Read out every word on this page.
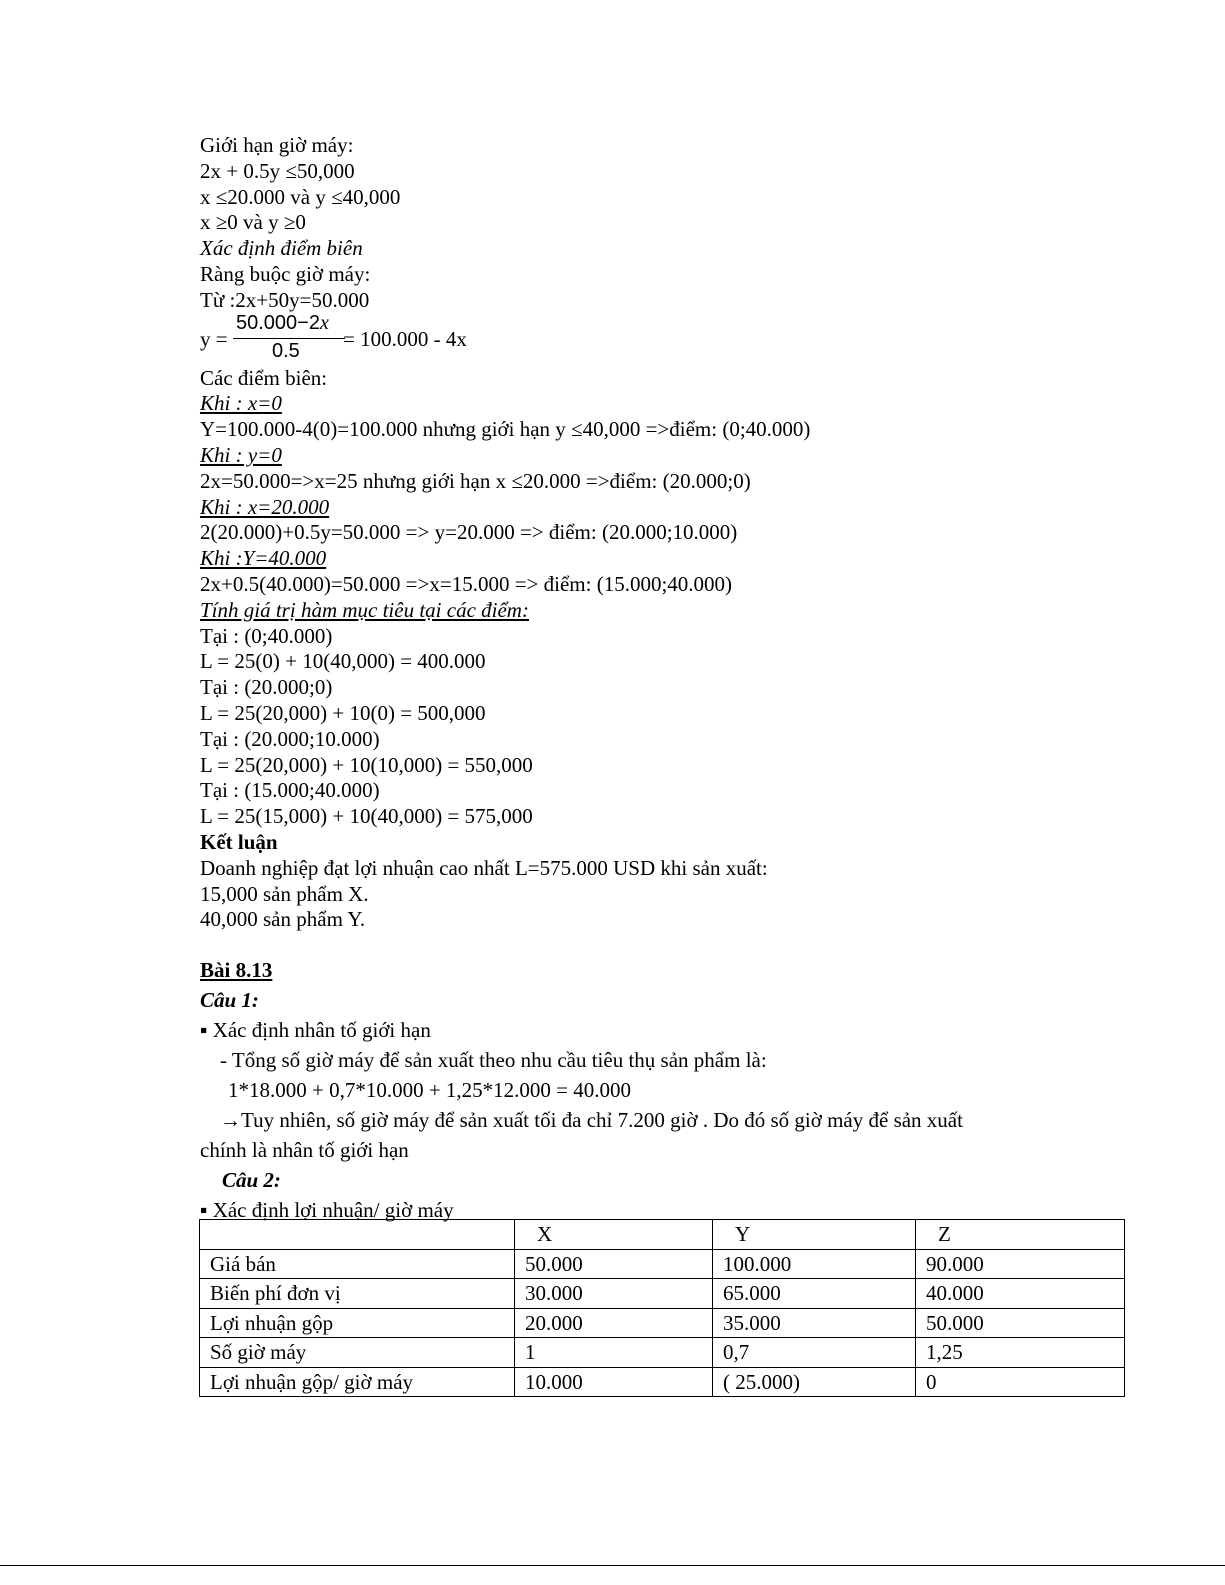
Giới hạn giờ máy:
2x + 0.5y ≤50,000
x ≤20.000 và y ≤40,000
x ≥0 và y ≥0
Xác định điểm biên
Ràng buộc giờ máy:
Từ :2x+50y=50.000
y =
50.000−2x
0.5 = 100.000 - 4x
Các điểm biên:
Khi : x=0
Y=100.000-4(0)=100.000 nhưng giới hạn y ≤40,000 =>điểm: (0;40.000)
Khi : y=0
2x=50.000=>x=25 nhưng giới hạn x ≤20.000 =>điểm: (20.000;0)
Khi : x=20.000
2(20.000)+0.5y=50.000 => y=20.000 => điểm: (20.000;10.000)
Khi :Y=40.000
2x+0.5(40.000)=50.000 =>x=15.000 => điểm: (15.000;40.000)
Tính giá trị hàm mục tiêu tại các điểm:
Tại : (0;40.000)
L = 25(0) + 10(40,000) = 400.000
Tại : (20.000;0)
L = 25(20,000) + 10(0) = 500,000
Tại : (20.000;10.000)
L = 25(20,000) + 10(10,000) = 550,000
Tại : (15.000;40.000)
L = 25(15,000) + 10(40,000) = 575,000
Kết luận
Doanh nghiệp đạt lợi nhuận cao nhất L=575.000 USD khi sản xuất:
15,000 sản phẩm X.
40,000 sản phẩm Y.
Bài 8.13
Câu 1:
▪ Xác định nhân tố giới hạn
- Tổng số giờ máy để sản xuất theo nhu cầu tiêu thụ sản phẩm là:
1*18.000 + 0,7*10.000 + 1,25*12.000 = 40.000
→Tuy nhiên, số giờ máy để sản xuất tối đa chỉ 7.200 giờ . Do đó số giờ máy để sản xuất
chính là nhân tố giới hạn
Câu 2:
▪ Xác định lợi nhuận/ giờ máy
	X	Y	Z
Giá bán	50.000	100.000	90.000
Biến phí đơn vị	30.000	65.000	40.000
Lợi nhuận gộp	20.000	35.000	50.000
Số giờ máy	1	0,7	1,25
Lợi nhuận gộp/ giờ máy	10.000	( 25.000)	0
